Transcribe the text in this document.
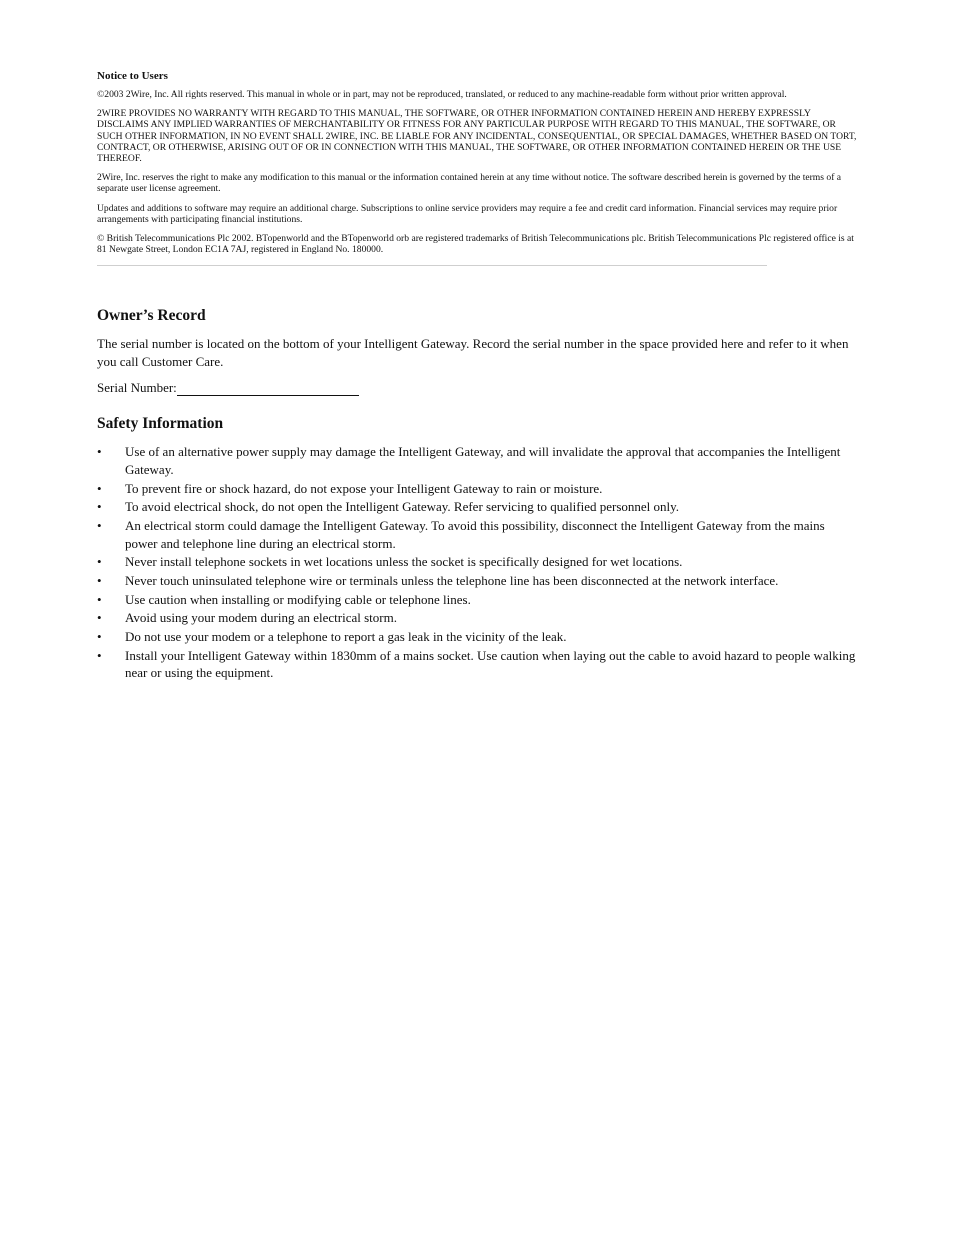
Notice to Users

©2003 2Wire, Inc. All rights reserved. This manual in whole or in part, may not be reproduced, translated, or reduced to any machine-readable form without prior written approval.

2WIRE PROVIDES NO WARRANTY WITH REGARD TO THIS MANUAL, THE SOFTWARE, OR OTHER INFORMATION CONTAINED HEREIN AND HEREBY EXPRESSLY DISCLAIMS ANY IMPLIED WARRANTIES OF MERCHANTABILITY OR FITNESS FOR ANY PARTICULAR PURPOSE WITH REGARD TO THIS MANUAL, THE SOFTWARE, OR SUCH OTHER INFORMATION, IN NO EVENT SHALL 2WIRE, INC. BE LIABLE FOR ANY INCIDENTAL, CONSEQUENTIAL, OR SPECIAL DAMAGES, WHETHER BASED ON TORT, CONTRACT, OR OTHERWISE, ARISING OUT OF OR IN CONNECTION WITH THIS MANUAL, THE SOFTWARE, OR OTHER INFORMATION CONTAINED HEREIN OR THE USE THEREOF.

2Wire, Inc. reserves the right to make any modification to this manual or the information contained herein at any time without notice. The software described herein is governed by the terms of a separate user license agreement.

Updates and additions to software may require an additional charge. Subscriptions to online service providers may require a fee and credit card information. Financial services may require prior arrangements with participating financial institutions.

© British Telecommunications Plc 2002. BTopenworld and the BTopenworld orb are registered trademarks of British Telecommunications plc. British Telecommunications Plc registered office is at 81 Newgate Street, London EC1A 7AJ, registered in England No. 180000.

Owner’s Record

The serial number is located on the bottom of your Intelligent Gateway. Record the serial number in the space provided here and refer to it when you call Customer Care.

Serial Number:
Safety Information
• Use of an alternative power supply may damage the Intelligent Gateway, and will invalidate the approval that accompanies the Intelligent Gateway.
• To prevent fire or shock hazard, do not expose your Intelligent Gateway to rain or moisture.
• To avoid electrical shock, do not open the Intelligent Gateway. Refer servicing to qualified personnel only.
• An electrical storm could damage the Intelligent Gateway. To avoid this possibility, disconnect the Intelligent Gateway from the mains power and telephone line during an electrical storm.
• Never install telephone sockets in wet locations unless the socket is specifically designed for wet locations.
• Never touch uninsulated telephone wire or terminals unless the telephone line has been disconnected at the network interface.
• Use caution when installing or modifying cable or telephone lines.
• Avoid using your modem during an electrical storm.
• Do not use your modem or a telephone to report a gas leak in the vicinity of the leak.
• Install your Intelligent Gateway within 1830mm of a mains socket. Use caution when laying out the cable to avoid hazard to people walking near or using the equipment.
